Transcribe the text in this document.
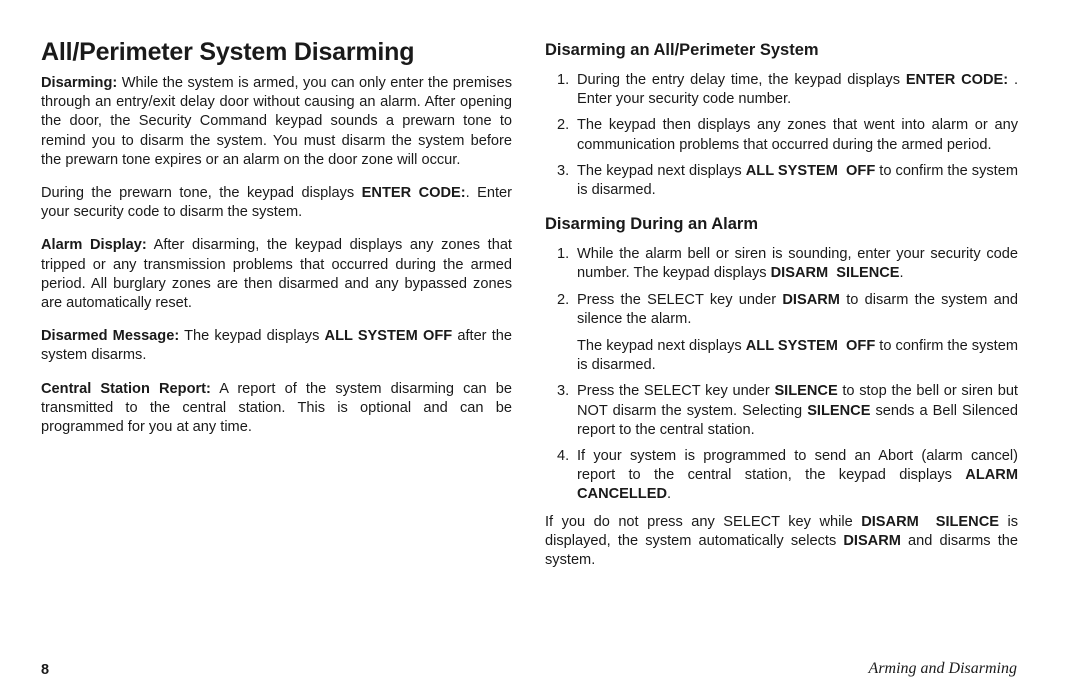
All/Perimeter System Disarming

Disarming: While the system is armed, you can only enter the premises through an entry/exit delay door without causing an alarm. After opening the door, the Security Command keypad sounds a prewarn tone to remind you to disarm the system. You must disarm the system before the prewarn tone expires or an alarm on the door zone will occur.

During the prewarn tone, the keypad displays ENTER CODE:. Enter your security code to disarm the system.

Alarm Display: After disarming, the keypad displays any zones that tripped or any transmission problems that occurred during the armed period. All burglary zones are then disarmed and any bypassed zones are automatically reset.

Disarmed Message: The keypad displays ALL SYSTEM OFF after the system disarms.

Central Station Report: A report of the system disarming can be transmitted to the central station. This is optional and can be programmed for you at any time.

Disarming an All/Perimeter System
1. During the entry delay time, the keypad displays ENTER CODE: . Enter your security code number.
2. The keypad then displays any zones that went into alarm or any communication problems that occurred during the armed period.
3. The keypad next displays ALL SYSTEM  OFF to confirm the system is disarmed.
Disarming During an Alarm
1. While the alarm bell or siren is sounding, enter your security code number. The keypad displays DISARM  SILENCE.
2. Press the SELECT key under DISARM to disarm the system and silence the alarm.
The keypad next displays ALL SYSTEM  OFF to confirm the system is disarmed.
3. Press the SELECT key under SILENCE to stop the bell or siren but NOT disarm the system. Selecting SILENCE sends a Bell Silenced report to the central station.
4. If your system is programmed to send an Abort (alarm cancel) report to the central station, the keypad displays ALARM CANCELLED.

If you do not press any SELECT key while DISARM  SILENCE is displayed, the system automatically selects DISARM and disarms the system.

8	Arming and Disarming
